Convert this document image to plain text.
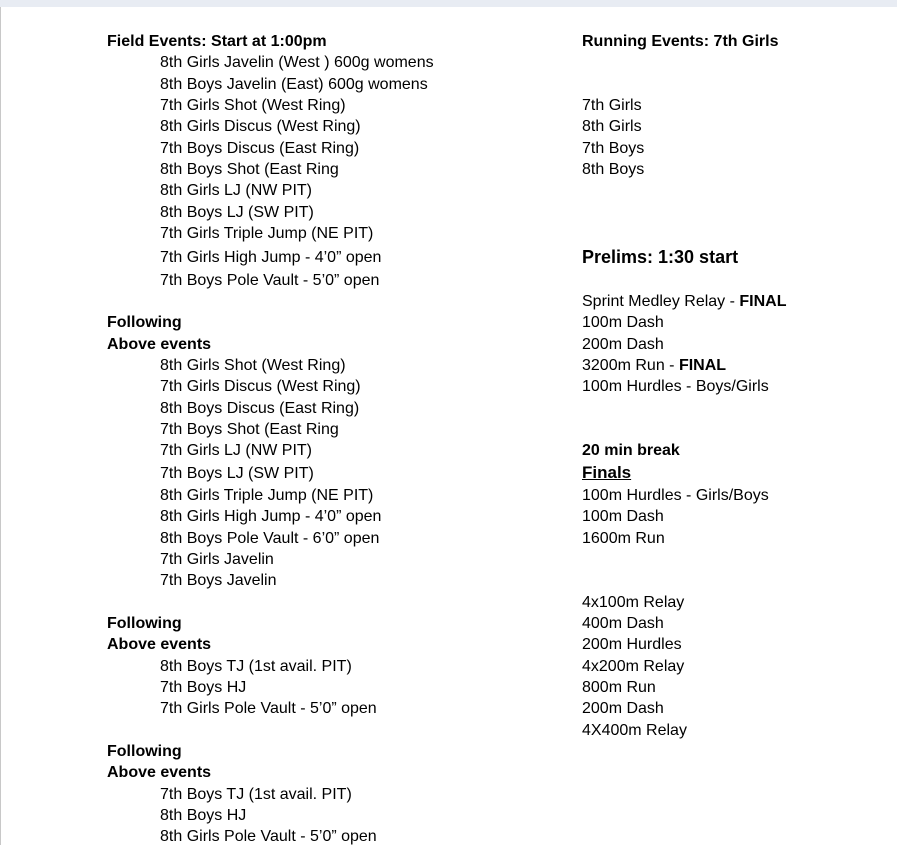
Field Events: Start at 1:00pm
8th Girls Javelin (West ) 600g womens
8th Boys Javelin (East) 600g womens
7th Girls Shot (West Ring)
8th Girls Discus (West Ring)
7th Boys Discus (East Ring)
8th Boys Shot (East Ring
8th Girls LJ (NW PIT)
8th Boys LJ (SW PIT)
7th Girls Triple Jump (NE PIT)
7th Girls High Jump - 4’0” open
7th Boys Pole Vault - 5’0” open
Following
Above events
8th Girls Shot (West Ring)
7th Girls Discus (West Ring)
8th Boys Discus (East Ring)
7th Boys Shot (East Ring
7th Girls LJ (NW PIT)
7th Boys LJ (SW PIT)
8th Girls Triple Jump (NE PIT)
8th Girls High Jump - 4’0” open
8th Boys Pole Vault - 6’0” open
7th Girls Javelin
7th Boys Javelin
Following
Above events
8th Boys TJ (1st avail. PIT)
7th Boys HJ
7th Girls Pole Vault - 5’0” open
Following
Above events
7th Boys TJ (1st avail. PIT)
8th Boys HJ
8th Girls Pole Vault - 5’0” open
Running Events: 7th Girls
7th Girls
8th Girls
7th Boys
8th Boys
Prelims: 1:30 start
Sprint Medley Relay - FINAL
100m Dash
200m Dash
3200m Run - FINAL
100m Hurdles - Boys/Girls
20 min break
Finals
100m Hurdles - Girls/Boys
100m Dash
1600m Run
4x100m Relay
400m Dash
200m Hurdles
4x200m Relay
800m Run
200m Dash
4X400m Relay
